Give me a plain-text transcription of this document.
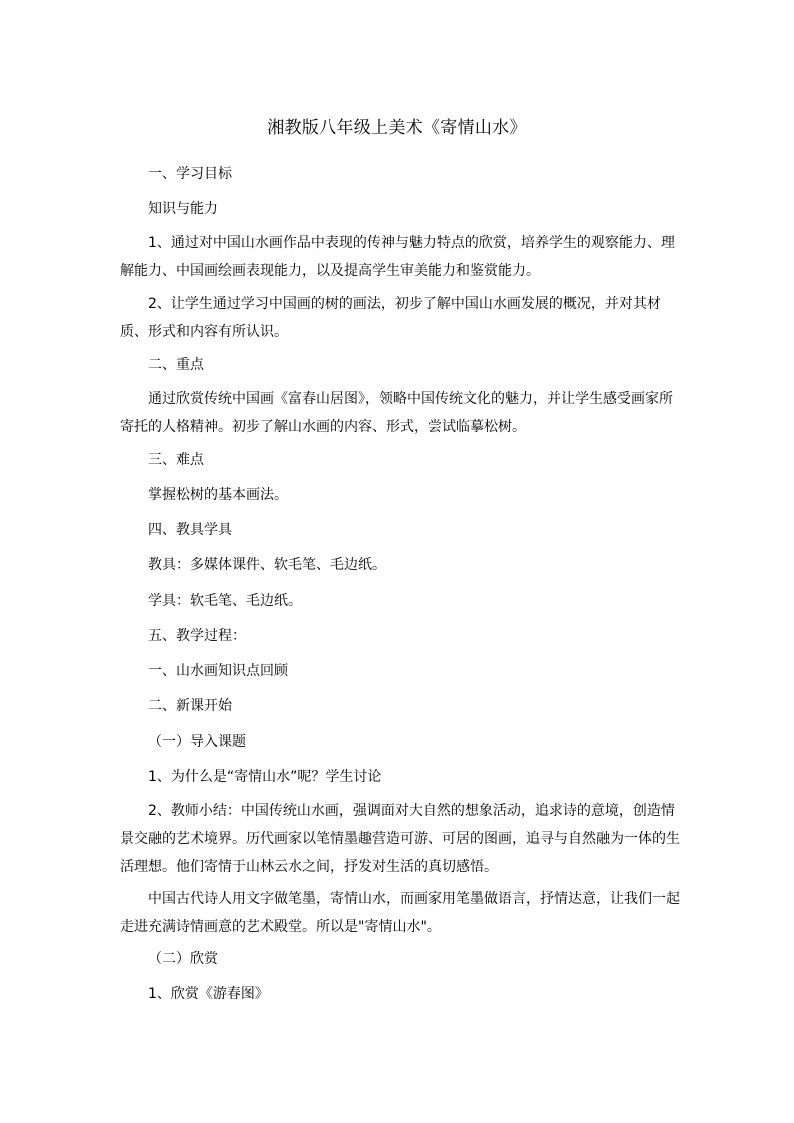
湘教版八年级上美术《寄情山水》

一、学习目标

知识与能力

1、通过对中国山水画作品中表现的传神与魅力特点的欣赏，培养学生的观察能力、理解能力、中国画绘画表现能力，以及提高学生审美能力和鉴赏能力。

2、让学生通过学习中国画的树的画法，初步了解中国山水画发展的概况，并对其材质、形式和内容有所认识。

二、重点

通过欣赏传统中国画《富春山居图》，领略中国传统文化的魅力，并让学生感受画家所寄托的人格精神。初步了解山水画的内容、形式，尝试临摹松树。

三、难点

掌握松树的基本画法。

四、教具学具

教具：多媒体课件、软毛笔、毛边纸。

学具：软毛笔、毛边纸。

五、教学过程：

一、山水画知识点回顾

二、新课开始

（一）导入课题

1、为什么是“寄情山水”呢？学生讨论

2、教师小结：中国传统山水画，强调面对大自然的想象活动，追求诗的意境，创造情景交融的艺术境界。历代画家以笔情墨趣营造可游、可居的图画，追寻与自然融为一体的生活理想。他们寄情于山林云水之间，抒发对生活的真切感悟。

中国古代诗人用文字做笔墨，寄情山水，而画家用笔墨做语言，抒情达意，让我们一起走进充满诗情画意的艺术殿堂。所以是"寄情山水"。

（二）欣赏

1、欣赏《游春图》
